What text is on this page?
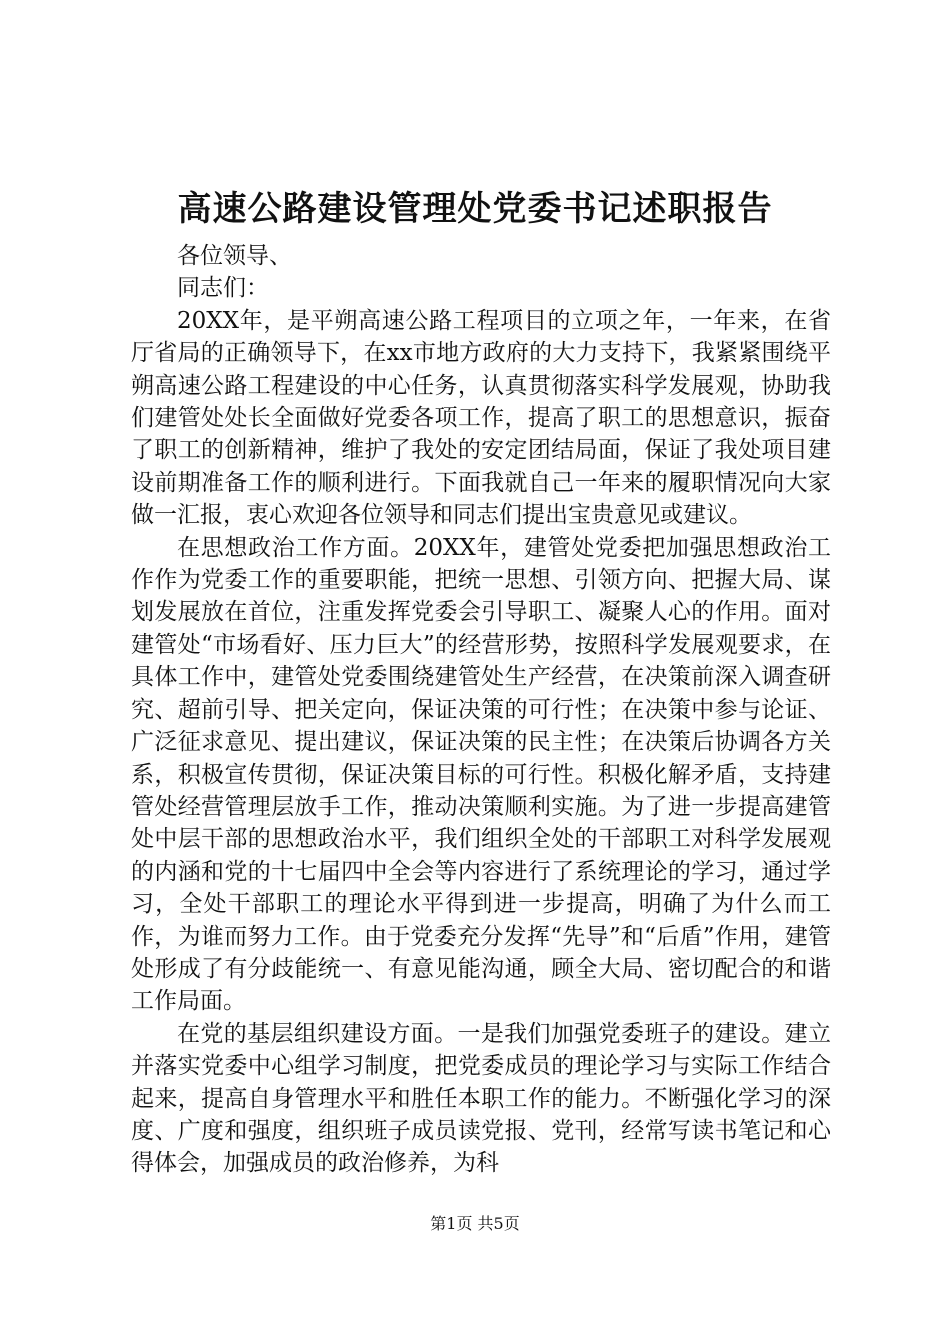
高速公路建设管理处党委书记述职报告

各位领导、

同志们：

20XX年，是平朔高速公路工程项目的立项之年，一年来，在省厅省局的正确领导下，在xx市地方政府的大力支持下，我紧紧围绕平朔高速公路工程建设的中心任务，认真贯彻落实科学发展观，协助我们建管处处长全面做好党委各项工作，提高了职工的思想意识，振奋了职工的创新精神，维护了我处的安定团结局面，保证了我处项目建设前期准备工作的顺利进行。下面我就自己一年来的履职情况向大家做一汇报，衷心欢迎各位领导和同志们提出宝贵意见或建议。

在思想政治工作方面。20XX年，建管处党委把加强思想政治工作作为党委工作的重要职能，把统一思想、引领方向、把握大局、谋划发展放在首位，注重发挥党委会引导职工、凝聚人心的作用。面对建管处“市场看好、压力巨大”的经营形势，按照科学发展观要求，在具体工作中，建管处党委围绕建管处生产经营，在决策前深入调查研究、超前引导、把关定向，保证决策的可行性；在决策中参与论证、广泛征求意见、提出建议，保证决策的民主性；在决策后协调各方关系，积极宣传贯彻，保证决策目标的可行性。积极化解矛盾，支持建管处经营管理层放手工作，推动决策顺利实施。为了进一步提高建管处中层干部的思想政治水平，我们组织全处的干部职工对科学发展观的内涵和党的十七届四中全会等内容进行了系统理论的学习，通过学习，全处干部职工的理论水平得到进一步提高，明确了为什么而工作，为谁而努力工作。由于党委充分发挥“先导”和“后盾”作用，建管处形成了有分歧能统一、有意见能沟通，顾全大局、密切配合的和谐工作局面。

在党的基层组织建设方面。一是我们加强党委班子的建设。建立并落实党委中心组学习制度，把党委成员的理论学习与实际工作结合起来，提高自身管理水平和胜任本职工作的能力。不断强化学习的深度、广度和强度，组织班子成员读党报、党刊，经常写读书笔记和心得体会，加强成员的政治修养，为科

第1页 共5页
